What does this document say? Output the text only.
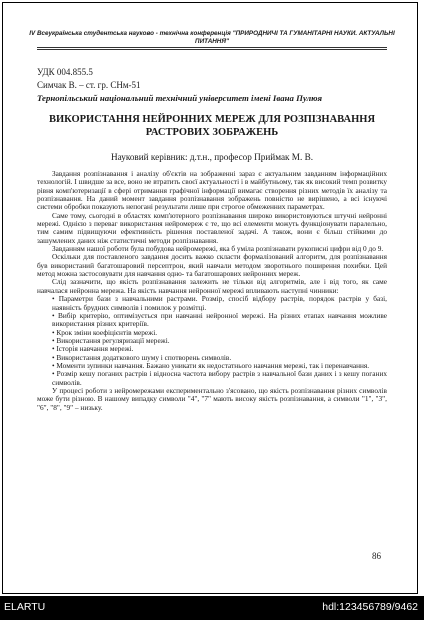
IV Всеукраїнська студентська науково - технічна конференція "ПРИРОДНИЧІ ТА ГУМАНІТАРНІ НАУКИ. АКТУАЛЬНІ
ПИТАННЯ"
УДК 004.855.5
Симчак В. – ст. гр. СНм-51
Тернопільський національний технічний університет імені Івана Пулюя
ВИКОРИСТАННЯ НЕЙРОННИХ МЕРЕЖ ДЛЯ РОЗПІЗНАВАННЯ
РАСТРОВИХ ЗОБРАЖЕНЬ
Науковий керівник: д.т.н., професор Приймак М. В.

Завдання розпізнавання і аналізу об'єктів на зображенні зараз є актуальним завданням інформаційних технологій. І швидше за все, воно не втратить своєї актуальності і в майбутньому, так як високий темп розвитку рівня комп'ютеризації в сфері отримання графічної інформації вимагає створення різних методів їх аналізу та розпізнавання. На даний момент завдання розпізнавання зображень повністю не вирішено, а всі існуючі системи обробки показують непогані результати лише при строгое обмеженних параметрах.

Саме тому, сьогодні в областях комп'ютерного розпізнавання широко використовуються штучні нейронні мережі. Однією з переваг використання нейромереж є те, що всі елементи можуть функціонувати паралельно, тим самим підвищуючи ефективність рішення поставленої задачі. А також, вони є більш стійкими до зашумлених даних ніж статистичні методи розпізнавання.

Завданням нашої роботи була побудова нейромережі, яка б уміла розпізнавати рукописні цифри від 0 до 9.

Оскільки для поставленого завдання досить важко скласти формалізований алгоритм, для розпізнавання був використаний багатошаровий персептрон, який навчали методом зворотнього поширення похибки. Цей метод можна застосовувати для навчання одно- та багатошарових нейронних мереж.

Слід зазначити, що якість розпізнавання залежить не тільки від алгоритмів, але і від того, як саме навчалася нейронна мережа. На якість навчання нейронної мережі впливають наступні чинники:

• Параметри бази з навчальними растрами. Розмір, спосіб відбору растрів, порядок растрів у базі, наявність брудних символів і помилок у розмітці.

• Вибір критерію, оптимізується при навчанні нейронної мережі. На різних етапах навчання можливе використання різних критеріїв.

• Крок зміни коефіцієнтів мережі.

• Використання регуляризації мережі.

• Історія навчання мережі.

• Використання додаткового шуму і спотворень символів.

• Моменти зупинки навчання. Бажано уникати як недостатнього навчання мережі, так і перенавчання.

• Розмір кешу поганих растрів і відносна частота вибору растрів з навчальної бази даних і з кешу поганих символів.

У процесі роботи з нейромережами експериментально з'ясовано, що якість розпізнавання різних символів може бути різною. В нашому випадку символи "4", "7" мають високу якість розпізнавання, а символи "1", "3", "6", "8", "9" – низьку.

86
ELARTU	hdl:123456789/9462
